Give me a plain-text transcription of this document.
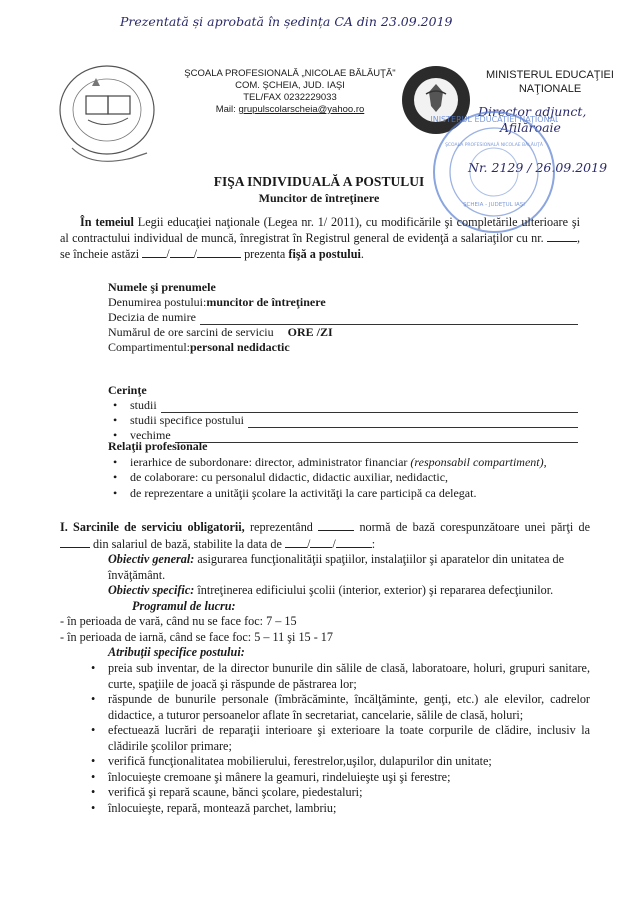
Prezentată și aprobată în ședința CA din 23.09.2019
ŞCOALA PROFESIONALĂ „NICOLAE BĂLĂUŢĂ"
COM. ŞCHEIA, JUD. IAŞI
TEL/FAX 0232229033
Mail: grupulscolarscheia@yahoo.ro
MINISTERUL EDUCAŢIEI
NAŢIONALE
Director adjunct,
Afilăroaie
Nr. 2129 / 26.09.2019
MINISTERUL EDUCAŢIEI NAŢIONALE
ŞCOALA PROFESIONALĂ NICOLAE BĂLĂUŢĂ
ŞCHEIA - JUDEŢUL IAŞI
FIŞA INDIVIDUALĂ A POSTULUI
Muncitor de întreţinere
În temeiul Legii educaţiei naţionale (Legea nr. 1/ 2011), cu modificările şi completările ulterioare şi al contractului individual de muncă, înregistrat în Registrul general de evidenţă a salariaţilor cu nr. , se încheie astăzi / /	prezenta fişă a postului.
Numele şi prenumele
Denumirea postului: muncitor de întreţinere
Decizia de numire
Numărul de ore sarcini de serviciu ORE /ZI
Compartimentul: personal nedidactic
Cerinţe
• studii
• studii specifice postului
• vechime
Relaţii profesionale
• ierarhice de subordonare: director, administrator financiar (responsabil compartiment),
• de colaborare: cu personalul didactic, didactic auxiliar, nedidactic,
• de reprezentare a unităţii şcolare la activităţi la care participă ca delegat.
I. Sarcinile de serviciu obligatorii, reprezentând	normă de bază corespunzătoare unei părţi de  din salariul de bază, stabilite la data de / /	:
Obiectiv general: asigurarea funcţionalităţii spaţiilor, instalaţiilor şi aparatelor din unitatea de învăţământ.
Obiectiv specific: întreţinerea edificiului şcolii (interior, exterior) şi repararea defecţiunilor.
Programul de lucru:
- în perioada de vară, când nu se face foc: 7 – 15
- în perioada de iarnă, când se face foc: 5 – 11 şi 15 - 17
Atribuţii specifice postului:
• preia sub inventar, de la director bunurile din sălile de clasă, laboratoare, holuri, grupuri sanitare, curte, spaţiile de joacă şi răspunde de păstrarea lor;
• răspunde de bunurile personale (îmbrăcăminte, încălţăminte, genţi, etc.) ale elevilor, cadrelor didactice, a tuturor persoanelor aflate în secretariat, cancelarie, sălile de clasă, holuri;
• efectuează lucrări de reparaţii interioare şi exterioare la toate corpurile de clădire, inclusiv la clădirile şcolilor primare;
• verifică funcţionalitatea mobilierului, ferestrelor,uşilor, dulapurilor din unitate;
• înlocuieşte cremoane şi mânere la geamuri, rindeluieşte uşi şi ferestre;
• verifică şi repară scaune, bănci şcolare, piedestaluri;
• înlocuieşte, repară, montează parchet, lambriu;
